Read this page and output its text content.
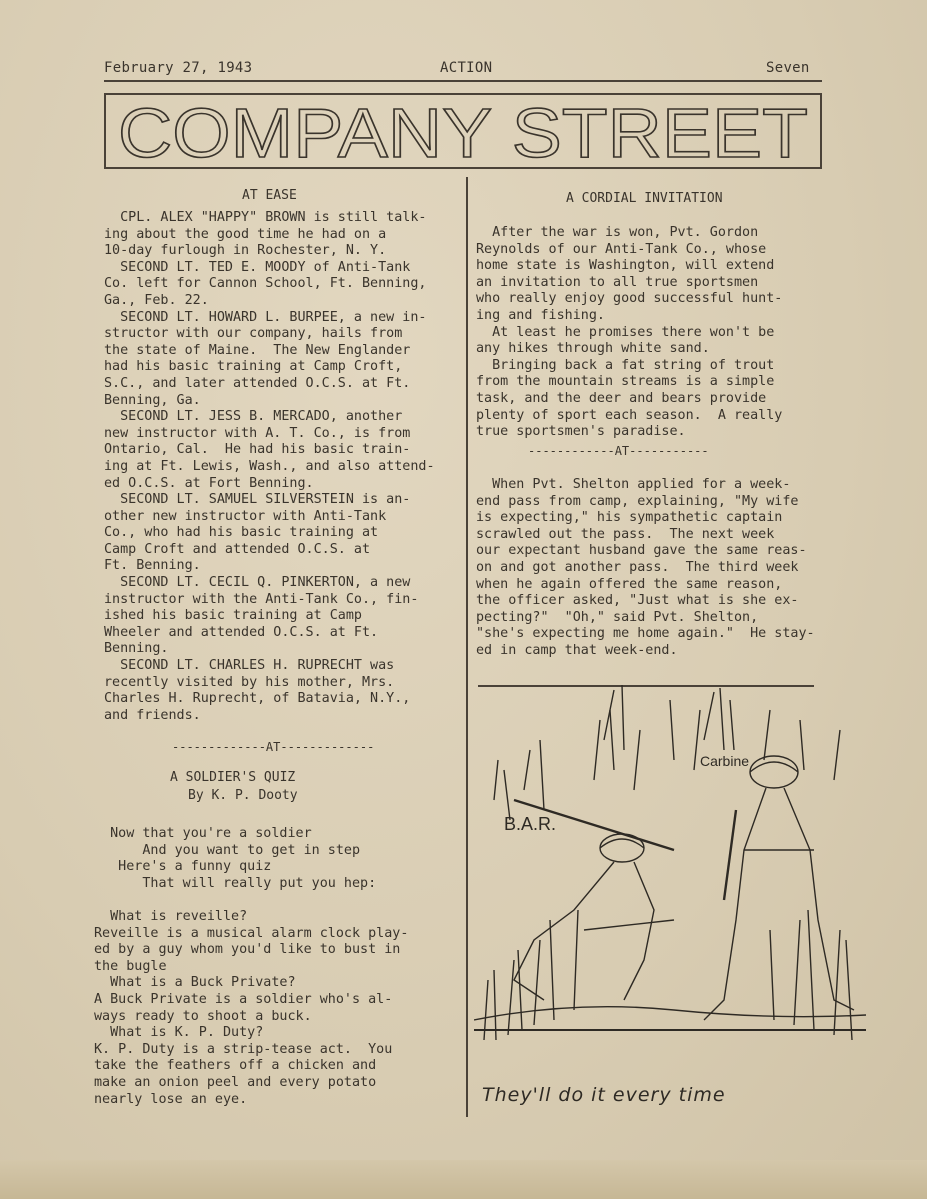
February 27, 1943	ACTION	Seven
COMPANY STREET
AT EASE
CPL. ALEX "HAPPY" BROWN is still talk-
ing about the good time he had on a
10-day furlough in Rochester, N. Y.
SECOND LT. TED E. MOODY of Anti-Tank
Co. left for Cannon School, Ft. Benning,
Ga., Feb. 22.
SECOND LT. HOWARD L. BURPEE, a new in-
structor with our company, hails from
the state of Maine.  The New Englander
had his basic training at Camp Croft,
S.C., and later attended O.C.S. at Ft.
Benning, Ga.
SECOND LT. JESS B. MERCADO, another
new instructor with A. T. Co., is from
Ontario, Cal.  He had his basic train-
ing at Ft. Lewis, Wash., and also attend-
ed O.C.S. at Fort Benning.
SECOND LT. SAMUEL SILVERSTEIN is an-
other new instructor with Anti-Tank
Co., who had his basic training at
Camp Croft and attended O.C.S. at
Ft. Benning.
SECOND LT. CECIL Q. PINKERTON, a new
instructor with the Anti-Tank Co., fin-
ished his basic training at Camp
Wheeler and attended O.C.S. at Ft.
Benning.
SECOND LT. CHARLES H. RUPRECHT was
recently visited by his mother, Mrs.
Charles H. Ruprecht, of Batavia, N.Y.,
and friends.
-------------AT-------------
A SOLDIER'S QUIZ
By K. P. Dooty
Now that you're a soldier
And you want to get in step
Here's a funny quiz
That will really put you hep:

What is reveille?
Reveille is a musical alarm clock play-
ed by a guy whom you'd like to bust in
the bugle
What is a Buck Private?
A Buck Private is a soldier who's al-
ways ready to shoot a buck.
What is K. P. Duty?
K. P. Duty is a strip-tease act.  You
take the feathers off a chicken and
make an onion peel and every potato
nearly lose an eye.
A CORDIAL INVITATION
After the war is won, Pvt. Gordon
Reynolds of our Anti-Tank Co., whose
home state is Washington, will extend
an invitation to all true sportsmen
who really enjoy good successful hunt-
ing and fishing.
At least he promises there won't be
any hikes through white sand.
Bringing back a fat string of trout
from the mountain streams is a simple
task, and the deer and bears provide
plenty of sport each season.  A really
true sportsmen's paradise.
------------AT-----------
When Pvt. Shelton applied for a week-
end pass from camp, explaining, "My wife
is expecting," his sympathetic captain
scrawled out the pass.  The next week
our expectant husband gave the same reas-
on and got another pass.  The third week
when he again offered the same reason,
the officer asked, "Just what is she ex-
pecting?"  "Oh," said Pvt. Shelton,
"she's expecting me home again."  He stay-
ed in camp that week-end.
B.A.R.
Carbine
They'll do it every time
